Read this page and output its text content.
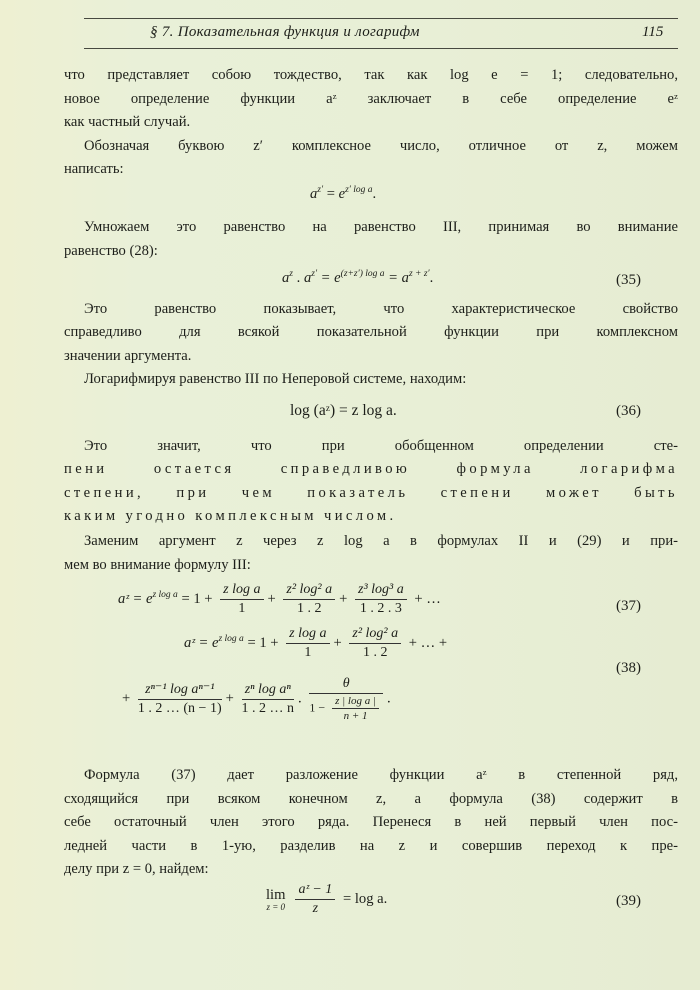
§ 7. Показательная функция и логарифм	115
что представляет собою тождество, так как log e = 1; следовательно,
новое определение функции aᶻ заключает в себе определение eᶻ
как частный случай.
Обозначая буквою z′ комплексное число, отличное от z, можем
написать:
$a^{z'} = e^{z' log a}$.
Умножаем это равенство на равенство III, принимая во внимание
равенство (28):
$a^z$ . $a^{z'} = e^{(z+z') log a} = a^{z + z'}$.	(35)
Это равенство показывает, что характеристическое свойство
справедливо для всякой показательной функции при комплексном
значении аргумента.
Логарифмируя равенство III по Неперовой системе, находим:
log (aᶻ) = z log a.	(36)
Это значит, что при обобщенном определении сте-
пени остается справедливою формула логарифма
степени, при чем показатель степени может быть
каким угодно комплексным числом.
Заменим аргумент z через z log a в формулах II и (29) и при-
мем во внимание формулу III:
aᶻ = $e^{z log a} = 1 + \frac{\text{z log a}}{1} + \frac{\text{z² log² a}}{1 . 2} + \frac{\text{z³ log³ a}}{1 . 2 . 3}$ + …	(37)
aᶻ = $e^{z log a} = 1 + \frac{\text{z log a}}{1} + \frac{\text{z² log² a}}{1 . 2}$ + … +
+ $\frac{\text{zⁿ⁻¹ log aⁿ⁻¹}}{1 . 2 \dots (n - 1)} + \frac{\text{zⁿ log aⁿ}}{1 . 2 \dots n}$ . $\frac{\theta}{1 - \frac{\text{z | log a |}}{n + 1}}$ .
(38)
Формула (37) дает разложение функции aᶻ в степенной ряд,
сходящийся при всяком конечном z, а формула (38) содержит в
себе остаточный член этого ряда. Перенеся в ней первый член пос-
ледней части в 1-ую, разделив на z и совершив переход к пре-
делу при z = 0, найдем:
lim
$z = 0 \frac{\text{aᶻ − 1}}{z} = \log a$.	(39)
